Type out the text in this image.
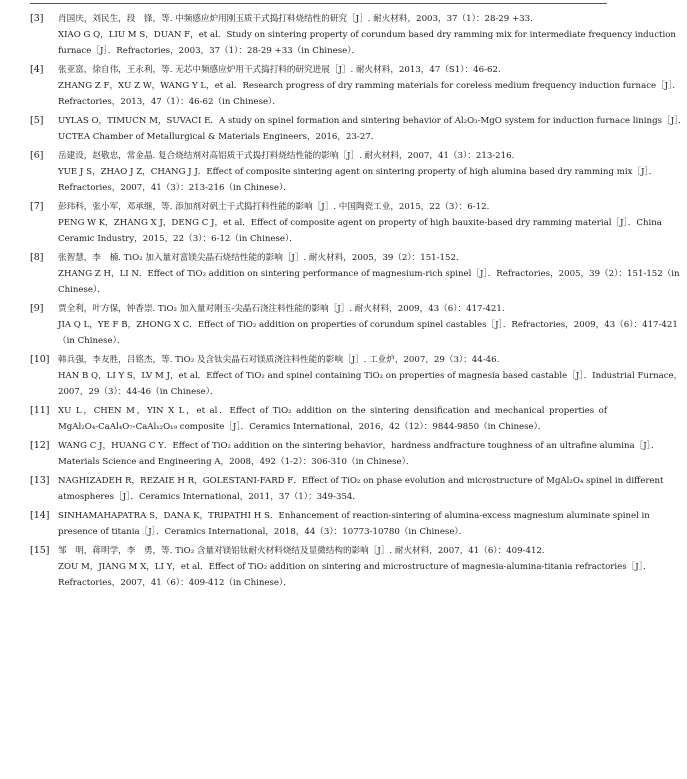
[3] 肖国庆，刘民生，段　锋，等. 中频感应炉用刚玉质干式捣打料烧结性的研究［J］. 耐火材料，2003，37（1）：28-29 +33.
XIAO G Q，LIU M S，DUAN F，et al．Study on sintering property of corundum based dry ramming mix for intermediate frequency induction
furnace［J］．Refractories，2003，37（1）：28-29 +33（in Chinese）．
[4] 张亚富，徐自伟，王永利，等. 无芯中频感应炉用干式捣打料的研究进展［J］. 耐火材料，2013，47（S1）：46-62.
ZHANG Z F，XU Z W，WANG Y L，et al．Research progress of dry ramming materials for coreless medium frequency induction furnace［J］．
Refractories，2013，47（1）：46-62（in Chinese）．
[5] UYLAS O，TIMUCN M，SUVACI E．A study on spinel formation and sintering behavior of Al₂O₃-MgO system for induction furnace linings［J］．
UCTEA Chamber of Metallurgical & Materials Engineers，2016，23-27．
[6] 岳建设，赵敬忠，常金晶. 复合烧结剂对高铝质干式捣打料烧结性能的影响［J］. 耐火材料，2007，41（3）：213-216.
YUE J S，ZHAO J Z，CHANG J J．Effect of composite sintering agent on sintering property of high alumina based dry ramming mix［J］．
Refractories，2007，41（3）：213-216（in Chinese）．
[7] 彭玮科，张小军，邓承继，等. 添加剂对矾土干式捣打料性能的影响［J］. 中国陶瓷工业，2015，22（3）：6-12.
PENG W K，ZHANG X J，DENG C J，et al．Effect of composite agent on property of high bauxite-based dry ramming material［J］．China
Ceramic Industry，2015，22（3）：6-12（in Chinese）．
[8] 张智慧，李　楠. TiO₂ 加入量对富镁尖晶石烧结性能的影响［J］. 耐火材料，2005，39（2）：151-152.
ZHANG Z H，LI N．Effect of TiO₂ addition on sintering performance of magnesium-rich spinel［J］．Refractories，2005，39（2）：151-152（in
Chinese）．
[9] 贾全利，叶方保，钟香崇. TiO₂ 加入量对刚玉-尖晶石浇注料性能的影响［J］. 耐火材料，2009，43（6）：417-421.
JIA Q L，YE F B，ZHONG X C．Effect of TiO₂ addition on properties of corundum spinel castables［J］．Refractories，2009，43（6）：417-421
（in Chinese）．
[10] 韩兵强，李友胜，吕铭杰，等. TiO₂ 及含钛尖晶石对镁质浇注料性能的影响［J］. 工业炉，2007，29（3）：44-46.
HAN B Q，LI Y S，LV M J，et al．Effect of TiO₂ and spinel containing TiO₂ on properties of magnesia based castable［J］．Industrial Furnace，
2007，29（3）：44-46（in Chinese）．
[11] XU L，CHEN M，YIN X L，et al．Effect of TiO₂ addition on the sintering densification and mechanical properties of
MgAl₂O₄-CaAl₄O₇-CaAl₁₂O₁₉ composite［J］．Ceramics International，2016，42（12）：9844-9850（in Chinese）．
[12] WANG C J，HUANG C Y．Effect of TiO₂ addition on the sintering behavior，hardness andfracture toughness of an ultrafine alumina［J］．
Materials Science and Engineering A，2008，492（1-2）：306-310（in Chinese）．
[13] NAGHIZADEH R，REZAIE H R，GOLESTANI-FARD F．Effect of TiO₂ on phase evolution and microstructure of MgAl₂O₄ spinel in different
atmospheres［J］．Ceramics International，2011，37（1）：349-354．
[14] SINHAMAHAPATRA S，DANA K，TRIPATHI H S．Enhancement of reaction-sintering of alumina-excess magnesium aluminate spinel in
presence of titania［J］．Ceramics International，2018，44（3）：10773-10780（in Chinese）．
[15] 邹　明，蒋明学，李　勇，等. TiO₂ 含量对镁铝钛耐火材料烧结及显微结构的影响［J］. 耐火材料，2007，41（6）：409-412.
ZOU M，JIANG M X，LI Y，et al．Effect of TiO₂ addition on sintering and microstructure of magnesia-alumina-titania refractories［J］．
Refractories，2007，41（6）：409-412（in Chinese）．
